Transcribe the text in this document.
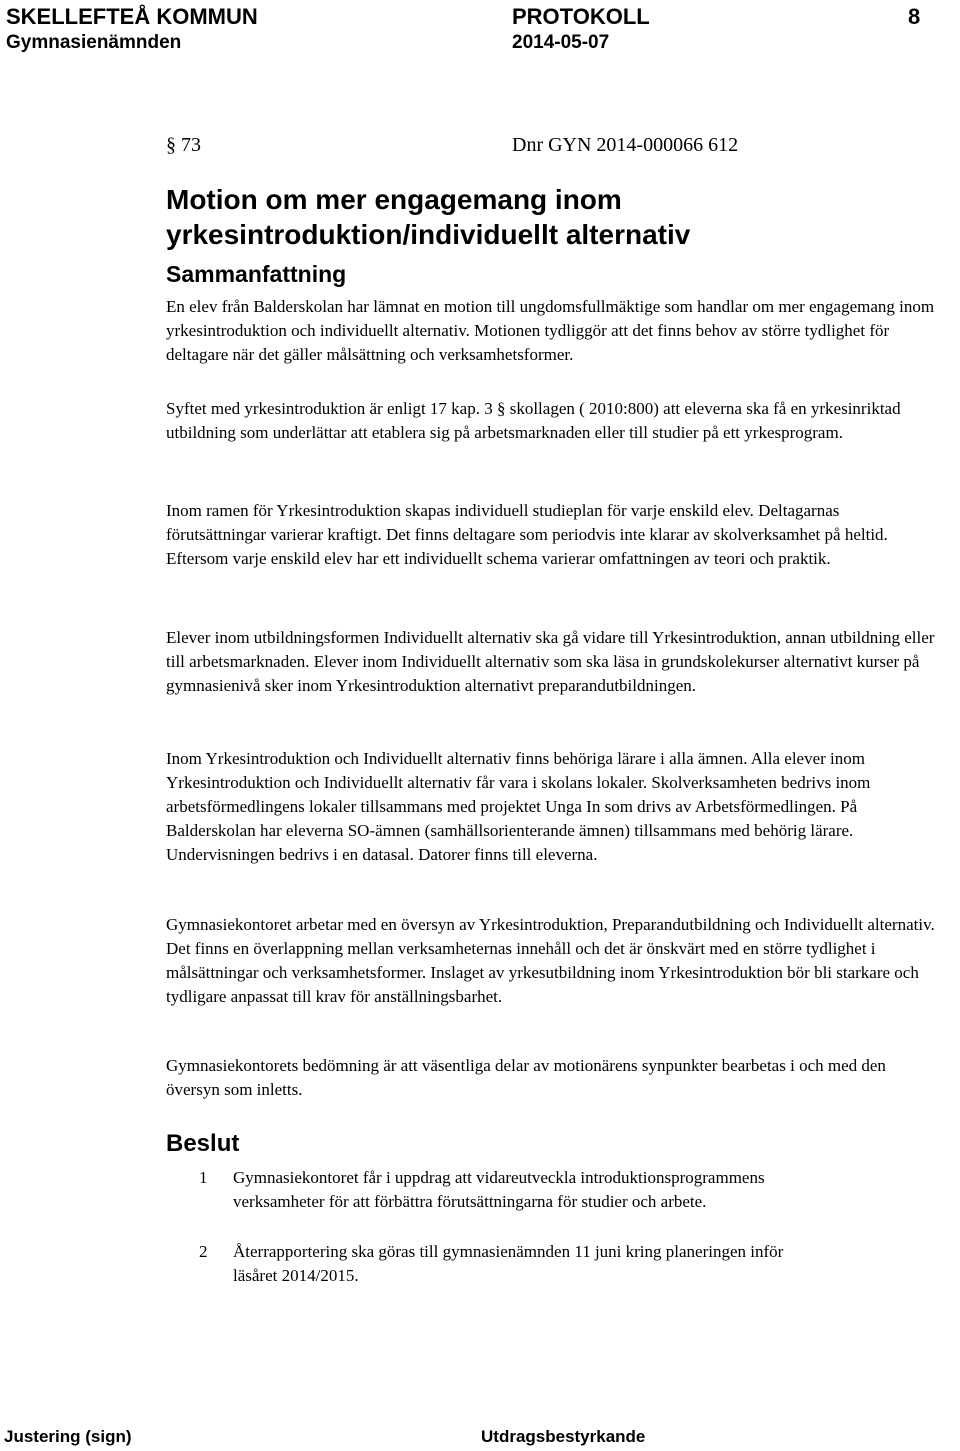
SKELLEFTEÅ KOMMUN	PROTOKOLL	8
Gymnasienämnden	2014-05-07
§ 73	Dnr GYN 2014-000066 612
Motion om mer engagemang inom yrkesintroduktion/individuellt alternativ
Sammanfattning

En elev från Balderskolan har lämnat en motion till ungdomsfullmäktige som handlar om mer engagemang inom yrkesintroduktion och individuellt alternativ. Motionen tydliggör att det finns behov av större tydlighet för deltagare när det gäller målsättning och verksamhetsformer.

Syftet med yrkesintroduktion är enligt 17 kap. 3 § skollagen ( 2010:800) att eleverna ska få en yrkesinriktad utbildning som underlättar att etablera sig på arbetsmarknaden eller till studier på ett yrkesprogram.

Inom ramen för Yrkesintroduktion skapas individuell studieplan för varje enskild elev. Deltagarnas förutsättningar varierar kraftigt. Det finns deltagare som periodvis inte klarar av skolverksamhet på heltid. Eftersom varje enskild elev har ett individuellt schema varierar omfattningen av teori och praktik.

Elever inom utbildningsformen Individuellt alternativ ska gå vidare till Yrkesintroduktion, annan utbildning eller till arbetsmarknaden. Elever inom Individuellt alternativ som ska läsa in grundskolekurser alternativt kurser på gymnasienivå sker inom Yrkesintroduktion alternativt preparandutbildningen.

Inom Yrkesintroduktion och Individuellt alternativ finns behöriga lärare i alla ämnen. Alla elever inom Yrkesintroduktion och Individuellt alternativ får vara i skolans lokaler. Skolverksamheten bedrivs inom arbetsförmedlingens lokaler tillsammans med projektet Unga In som drivs av Arbetsförmedlingen. På Balderskolan har eleverna SO-ämnen (samhällsorienterande ämnen) tillsammans med behörig lärare. Undervisningen bedrivs i en datasal. Datorer finns till eleverna.

Gymnasiekontoret arbetar med en översyn av Yrkesintroduktion, Preparandutbildning och Individuellt alternativ. Det finns en överlappning mellan verksamheternas innehåll och det är önskvärt med en större tydlighet i målsättningar och verksamhetsformer. Inslaget av yrkesutbildning inom Yrkesintroduktion bör bli starkare och tydligare anpassat till krav för anställningsbarhet.

Gymnasiekontorets bedömning är att väsentliga delar av motionärens synpunkter bearbetas i och med den översyn som inletts.

Beslut
1 Gymnasiekontoret får i uppdrag att vidareutveckla introduktionsprogrammens verksamheter för att förbättra förutsättningarna för studier och arbete.
2 Återrapportering ska göras till gymnasienämnden 11 juni kring planeringen inför läsåret 2014/2015.
Justering (sign)	Utdragsbestyrkande
